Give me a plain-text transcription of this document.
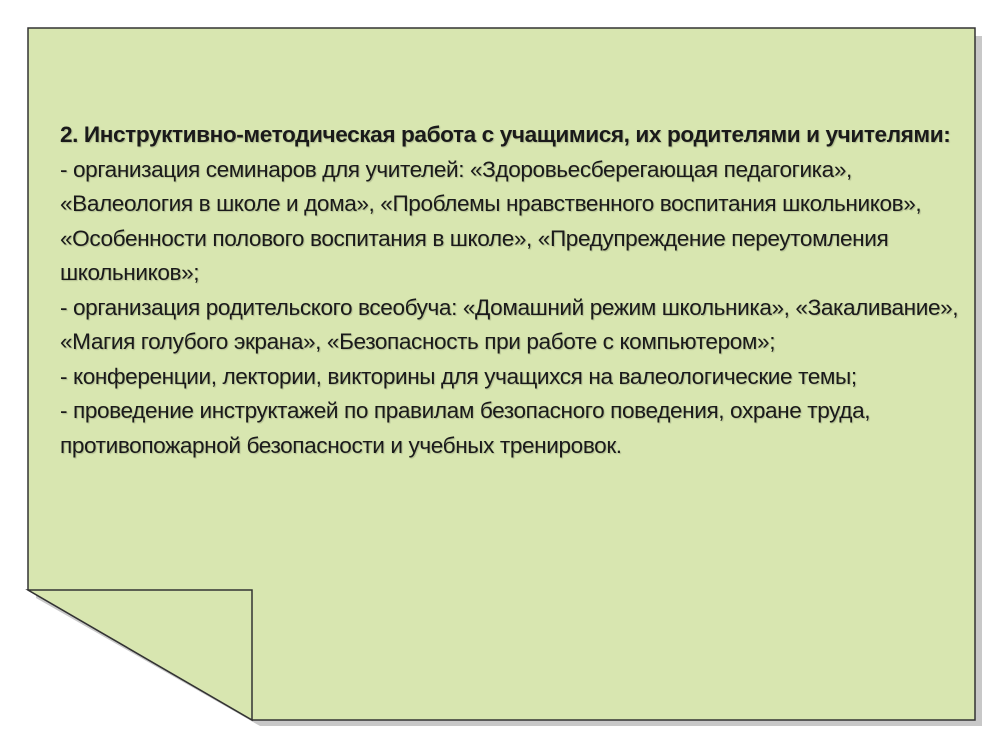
2. Инструктивно-методическая работа с учащимися, их родителями и учителями:
- организация семинаров для учителей: «Здоровьесберегающая педагогика», «Валеология в школе и дома», «Проблемы нравственного воспитания школьников», «Особенности полового воспитания в школе», «Предупреждение переутомления школьников»;
- организация родительского всеобуча: «Домашний режим школьника», «Закаливание», «Магия голубого экрана», «Безопасность при работе с компьютером»;
- конференции, лектории, викторины для учащихся на валеологические темы;
- проведение инструктажей по правилам безопасного поведения, охране труда, противопожарной безопасности и учебных тренировок.
